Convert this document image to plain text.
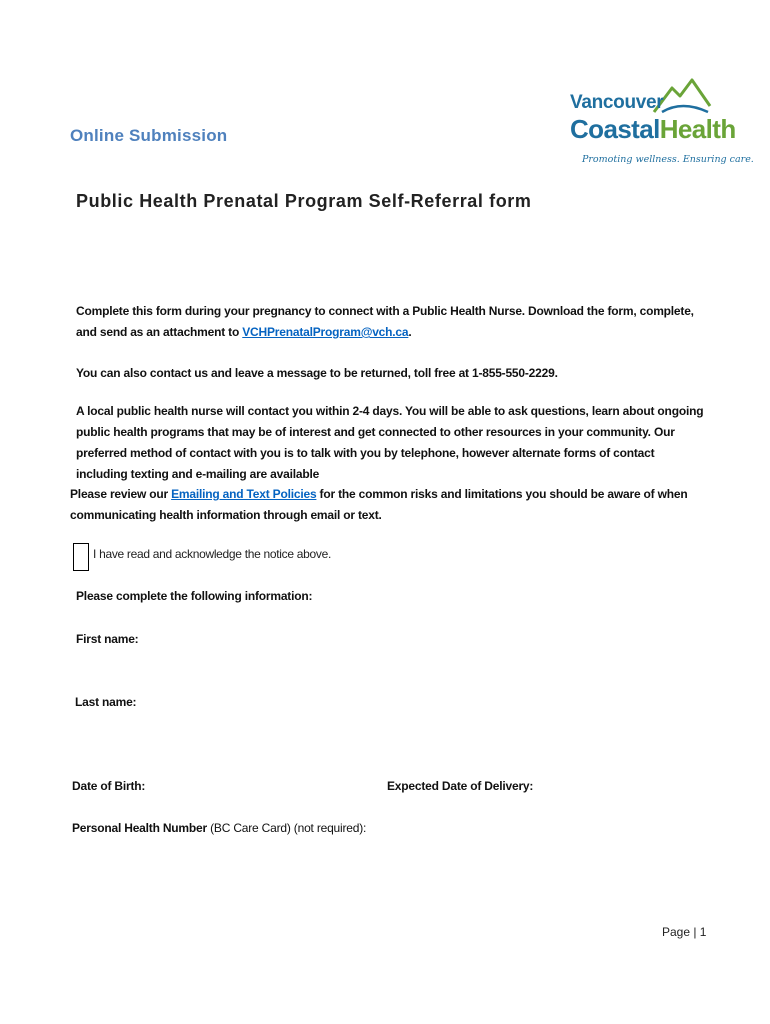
Online Submission
Public Health Prenatal Program Self-Referral form
Vancouver
CoastalHealth
Promoting wellness. Ensuring care.
Complete this form during your pregnancy to connect with a Public Health Nurse. Download the form, complete, and send as an attachment to VCHPrenatalProgram@vch.ca.
You can also contact us and leave a message to be returned, toll free at 1-855-550-2229.
A local public health nurse will contact you within 2-4 days. You will be able to ask questions, learn about ongoing public health programs that may be of interest and get connected to other resources in your community. Our preferred method of contact with you is to talk with you by telephone, however alternate forms of contact including texting and e-mailing are available
Please review our Emailing and Text Policies for the common risks and limitations you should be aware of when communicating health information through email or text.
I have read and acknowledge the notice above.
Please complete the following information:
First name:
Last name:
Date of Birth:	Expected Date of Delivery:
Personal Health Number (BC Care Card) (not required):
Page | 1
